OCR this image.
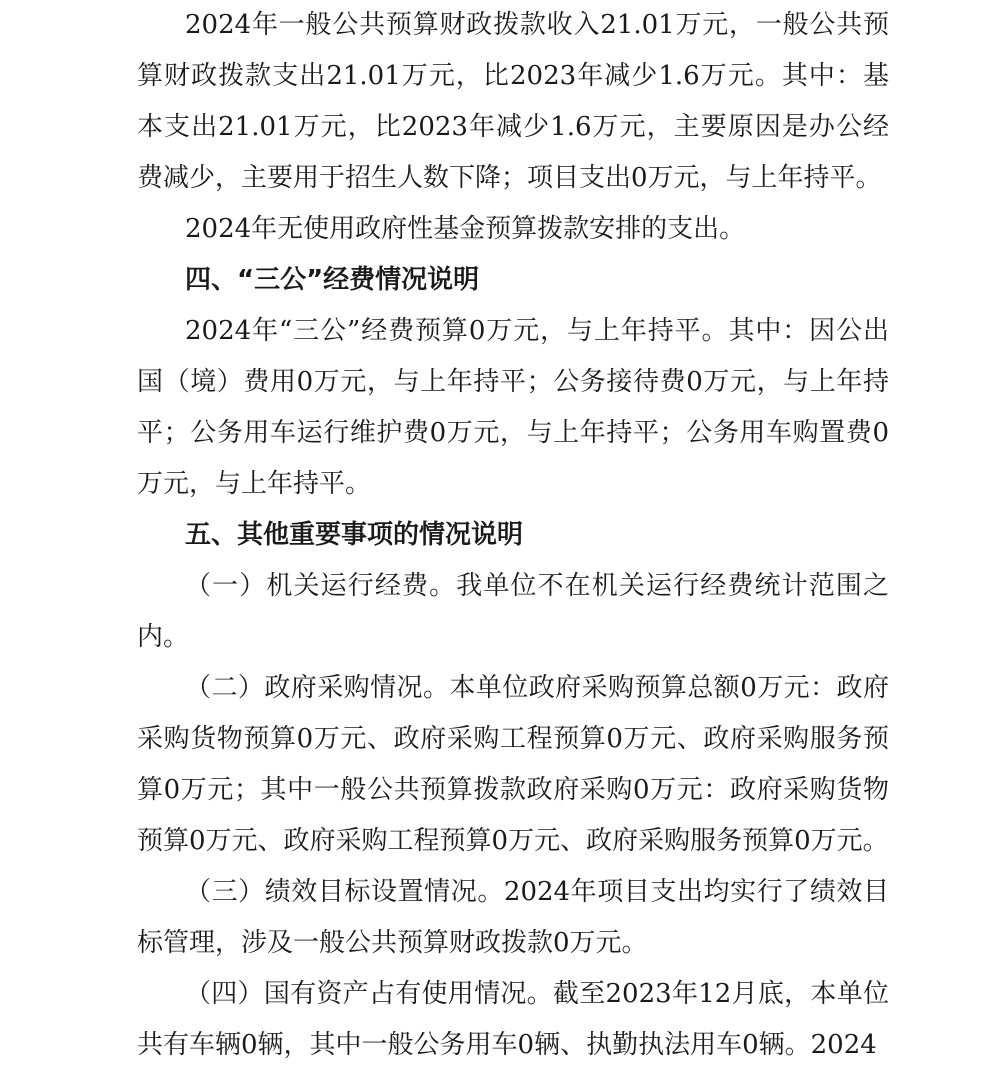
2024年一般公共预算财政拨款收入21.01万元，一般公共预算财政拨款支出21.01万元，比2023年减少1.6万元。其中：基本支出21.01万元，比2023年减少1.6万元，主要原因是办公经费减少，主要用于招生人数下降；项目支出0万元，与上年持平。

2024年无使用政府性基金预算拨款安排的支出。

四、“三公”经费情况说明

2024年“三公”经费预算0万元，与上年持平。其中：因公出国（境）费用0万元，与上年持平；公务接待费0万元，与上年持平；公务用车运行维护费0万元，与上年持平；公务用车购置费0万元，与上年持平。

五、其他重要事项的情况说明

（一）机关运行经费。我单位不在机关运行经费统计范围之内。

（二）政府采购情况。本单位政府采购预算总额0万元：政府采购货物预算0万元、政府采购工程预算0万元、政府采购服务预算0万元；其中一般公共预算拨款政府采购0万元：政府采购货物预算0万元、政府采购工程预算0万元、政府采购服务预算0万元。

（三）绩效目标设置情况。2024年项目支出均实行了绩效目标管理，涉及一般公共预算财政拨款0万元。

（四）国有资产占有使用情况。截至2023年12月底，本单位共有车辆0辆，其中一般公务用车0辆、执勤执法用车0辆。2024
